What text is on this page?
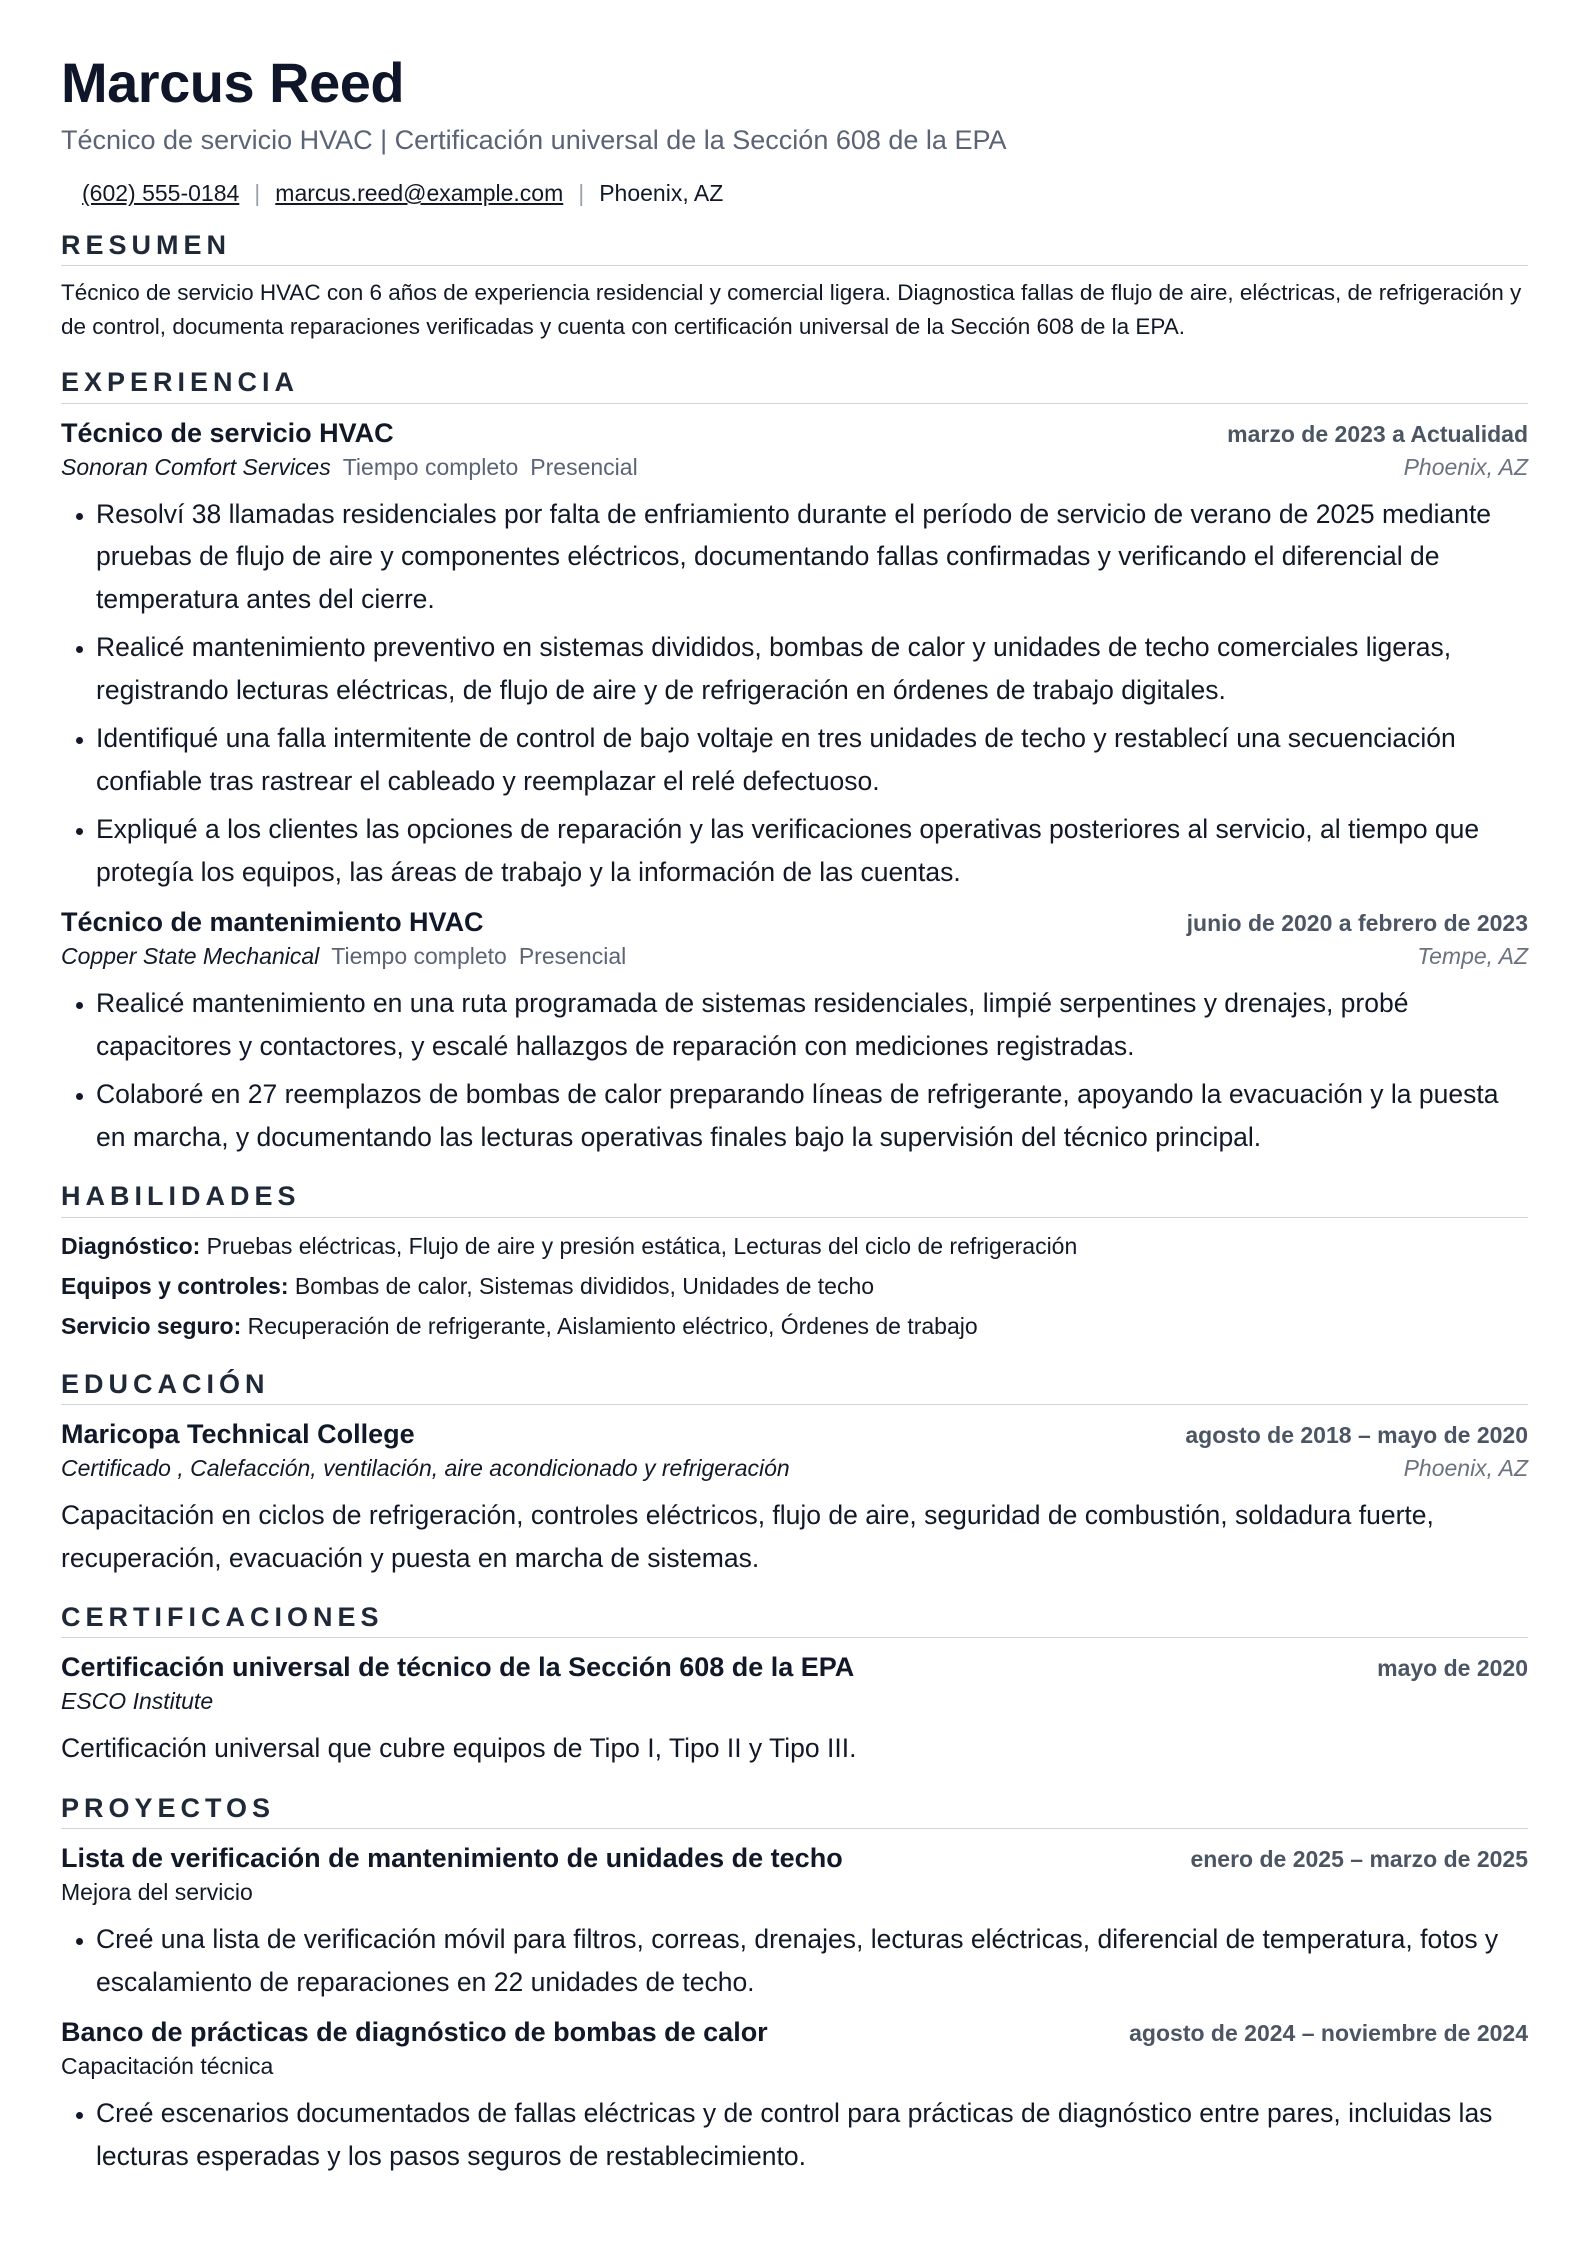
Marcus Reed
Técnico de servicio HVAC | Certificación universal de la Sección 608 de la EPA
(602) 555-0184 | marcus.reed@example.com | Phoenix, AZ
RESUMEN
Técnico de servicio HVAC con 6 años de experiencia residencial y comercial ligera. Diagnostica fallas de flujo de aire, eléctricas, de refrigeración y de control, documenta reparaciones verificadas y cuenta con certificación universal de la Sección 608 de la EPA.
EXPERIENCIA
Técnico de servicio HVAC	marzo de 2023 a Actualidad
Sonoran Comfort Services Tiempo completo Presencial	Phoenix, AZ
• Resolví 38 llamadas residenciales por falta de enfriamiento durante el período de servicio de verano de 2025 mediante pruebas de flujo de aire y componentes eléctricos, documentando fallas confirmadas y verificando el diferencial de temperatura antes del cierre.
• Realicé mantenimiento preventivo en sistemas divididos, bombas de calor y unidades de techo comerciales ligeras, registrando lecturas eléctricas, de flujo de aire y de refrigeración en órdenes de trabajo digitales.
• Identifiqué una falla intermitente de control de bajo voltaje en tres unidades de techo y restablecí una secuenciación confiable tras rastrear el cableado y reemplazar el relé defectuoso.
• Expliqué a los clientes las opciones de reparación y las verificaciones operativas posteriores al servicio, al tiempo que protegía los equipos, las áreas de trabajo y la información de las cuentas.
Técnico de mantenimiento HVAC	junio de 2020 a febrero de 2023
Copper State Mechanical Tiempo completo Presencial	Tempe, AZ
• Realicé mantenimiento en una ruta programada de sistemas residenciales, limpié serpentines y drenajes, probé capacitores y contactores, y escalé hallazgos de reparación con mediciones registradas.
• Colaboré en 27 reemplazos de bombas de calor preparando líneas de refrigerante, apoyando la evacuación y la puesta en marcha, y documentando las lecturas operativas finales bajo la supervisión del técnico principal.
HABILIDADES
Diagnóstico: Pruebas eléctricas, Flujo de aire y presión estática, Lecturas del ciclo de refrigeración
Equipos y controles: Bombas de calor, Sistemas divididos, Unidades de techo
Servicio seguro: Recuperación de refrigerante, Aislamiento eléctrico, Órdenes de trabajo
EDUCACIÓN
Maricopa Technical College	agosto de 2018 – mayo de 2020
Certificado , Calefacción, ventilación, aire acondicionado y refrigeración	Phoenix, AZ
Capacitación en ciclos de refrigeración, controles eléctricos, flujo de aire, seguridad de combustión, soldadura fuerte, recuperación, evacuación y puesta en marcha de sistemas.
CERTIFICACIONES
Certificación universal de técnico de la Sección 608 de la EPA	mayo de 2020
ESCO Institute
Certificación universal que cubre equipos de Tipo I, Tipo II y Tipo III.
PROYECTOS
Lista de verificación de mantenimiento de unidades de techo	enero de 2025 – marzo de 2025
Mejora del servicio
• Creé una lista de verificación móvil para filtros, correas, drenajes, lecturas eléctricas, diferencial de temperatura, fotos y escalamiento de reparaciones en 22 unidades de techo.
Banco de prácticas de diagnóstico de bombas de calor	agosto de 2024 – noviembre de 2024
Capacitación técnica
• Creé escenarios documentados de fallas eléctricas y de control para prácticas de diagnóstico entre pares, incluidas las lecturas esperadas y los pasos seguros de restablecimiento.
